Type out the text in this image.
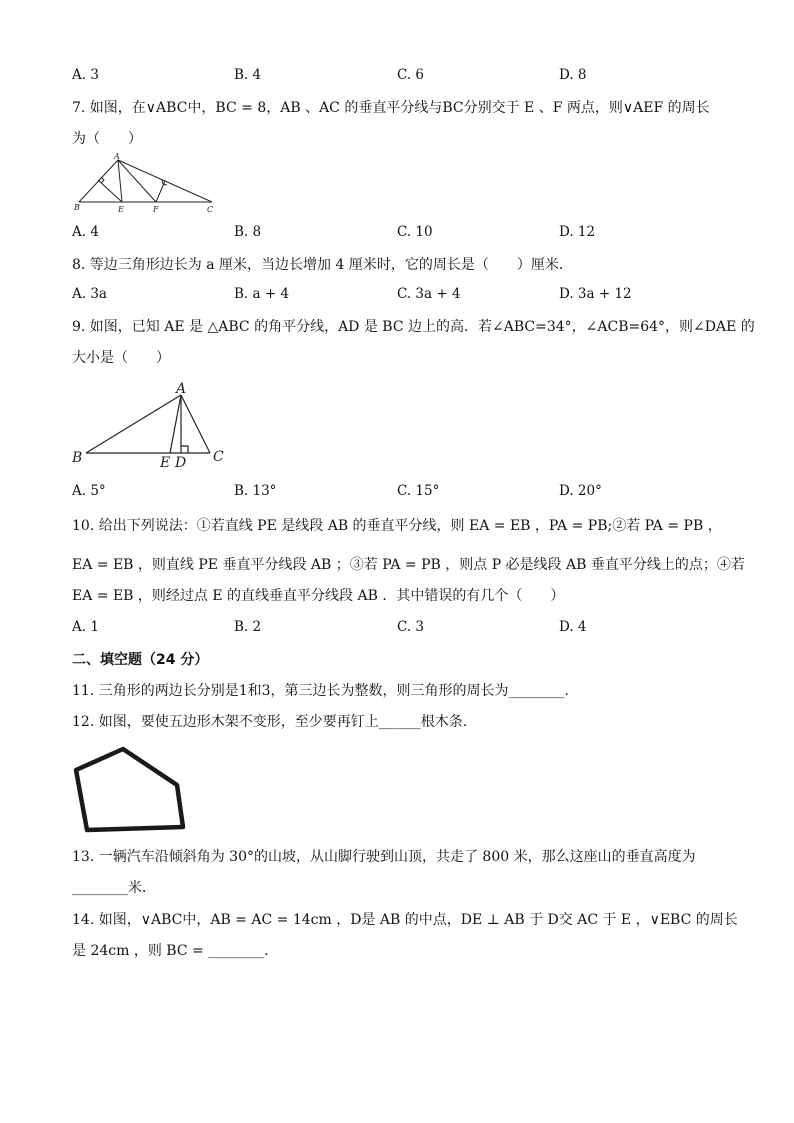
A. 3	B. 4	C. 6	D. 8
7. 如图，在∨ABC中，BC = 8，AB 、AC 的垂直平分线与BC分别交于 E 、F 两点，则∨AEF 的周长
为（　　）
A
B	E	F	C
A. 4	B. 8	C. 10	D. 12
8. 等边三角形边长为 a 厘米，当边长增加 4 厘米时，它的周长是（　　）厘米．
A. 3a	B. a + 4	C. 3a + 4	D. 3a + 12
9. 如图，已知 AE 是 △ABC 的角平分线，AD 是 BC 边上的高．若∠ABC=34°，∠ACB=64°，则∠DAE 的
大小是（　　）
A
B	E D C
A. 5°	B. 13°	C. 15°	D. 20°
10. 给出下列说法：①若直线 PE 是线段 AB 的垂直平分线，则 EA = EB ，PA = PB;②若 PA = PB ，
EA = EB ，则直线 PE 垂直平分线段 AB ；③若 PA = PB ，则点 P 必是线段 AB 垂直平分线上的点；④若
EA = EB ，则经过点 E 的直线垂直平分线段 AB ．其中错误的有几个（　　）
A. 1	B. 2	C. 3	D. 4
二、填空题（24 分）
11. 三角形的两边长分别是1和3，第三边长为整数，则三角形的周长为________．
12. 如图，要使五边形木架不变形，至少要再钉上______根木条.
13. 一辆汽车沿倾斜角为 30°的山坡，从山脚行驶到山顶，共走了 800 米，那么这座山的垂直高度为
________米．
14. 如图，∨ABC中，AB = AC = 14cm ，D是 AB 的中点，DE ⊥ AB 于 D交 AC 于 E ，∨EBC 的周长
是 24cm ，则 BC = ________．
